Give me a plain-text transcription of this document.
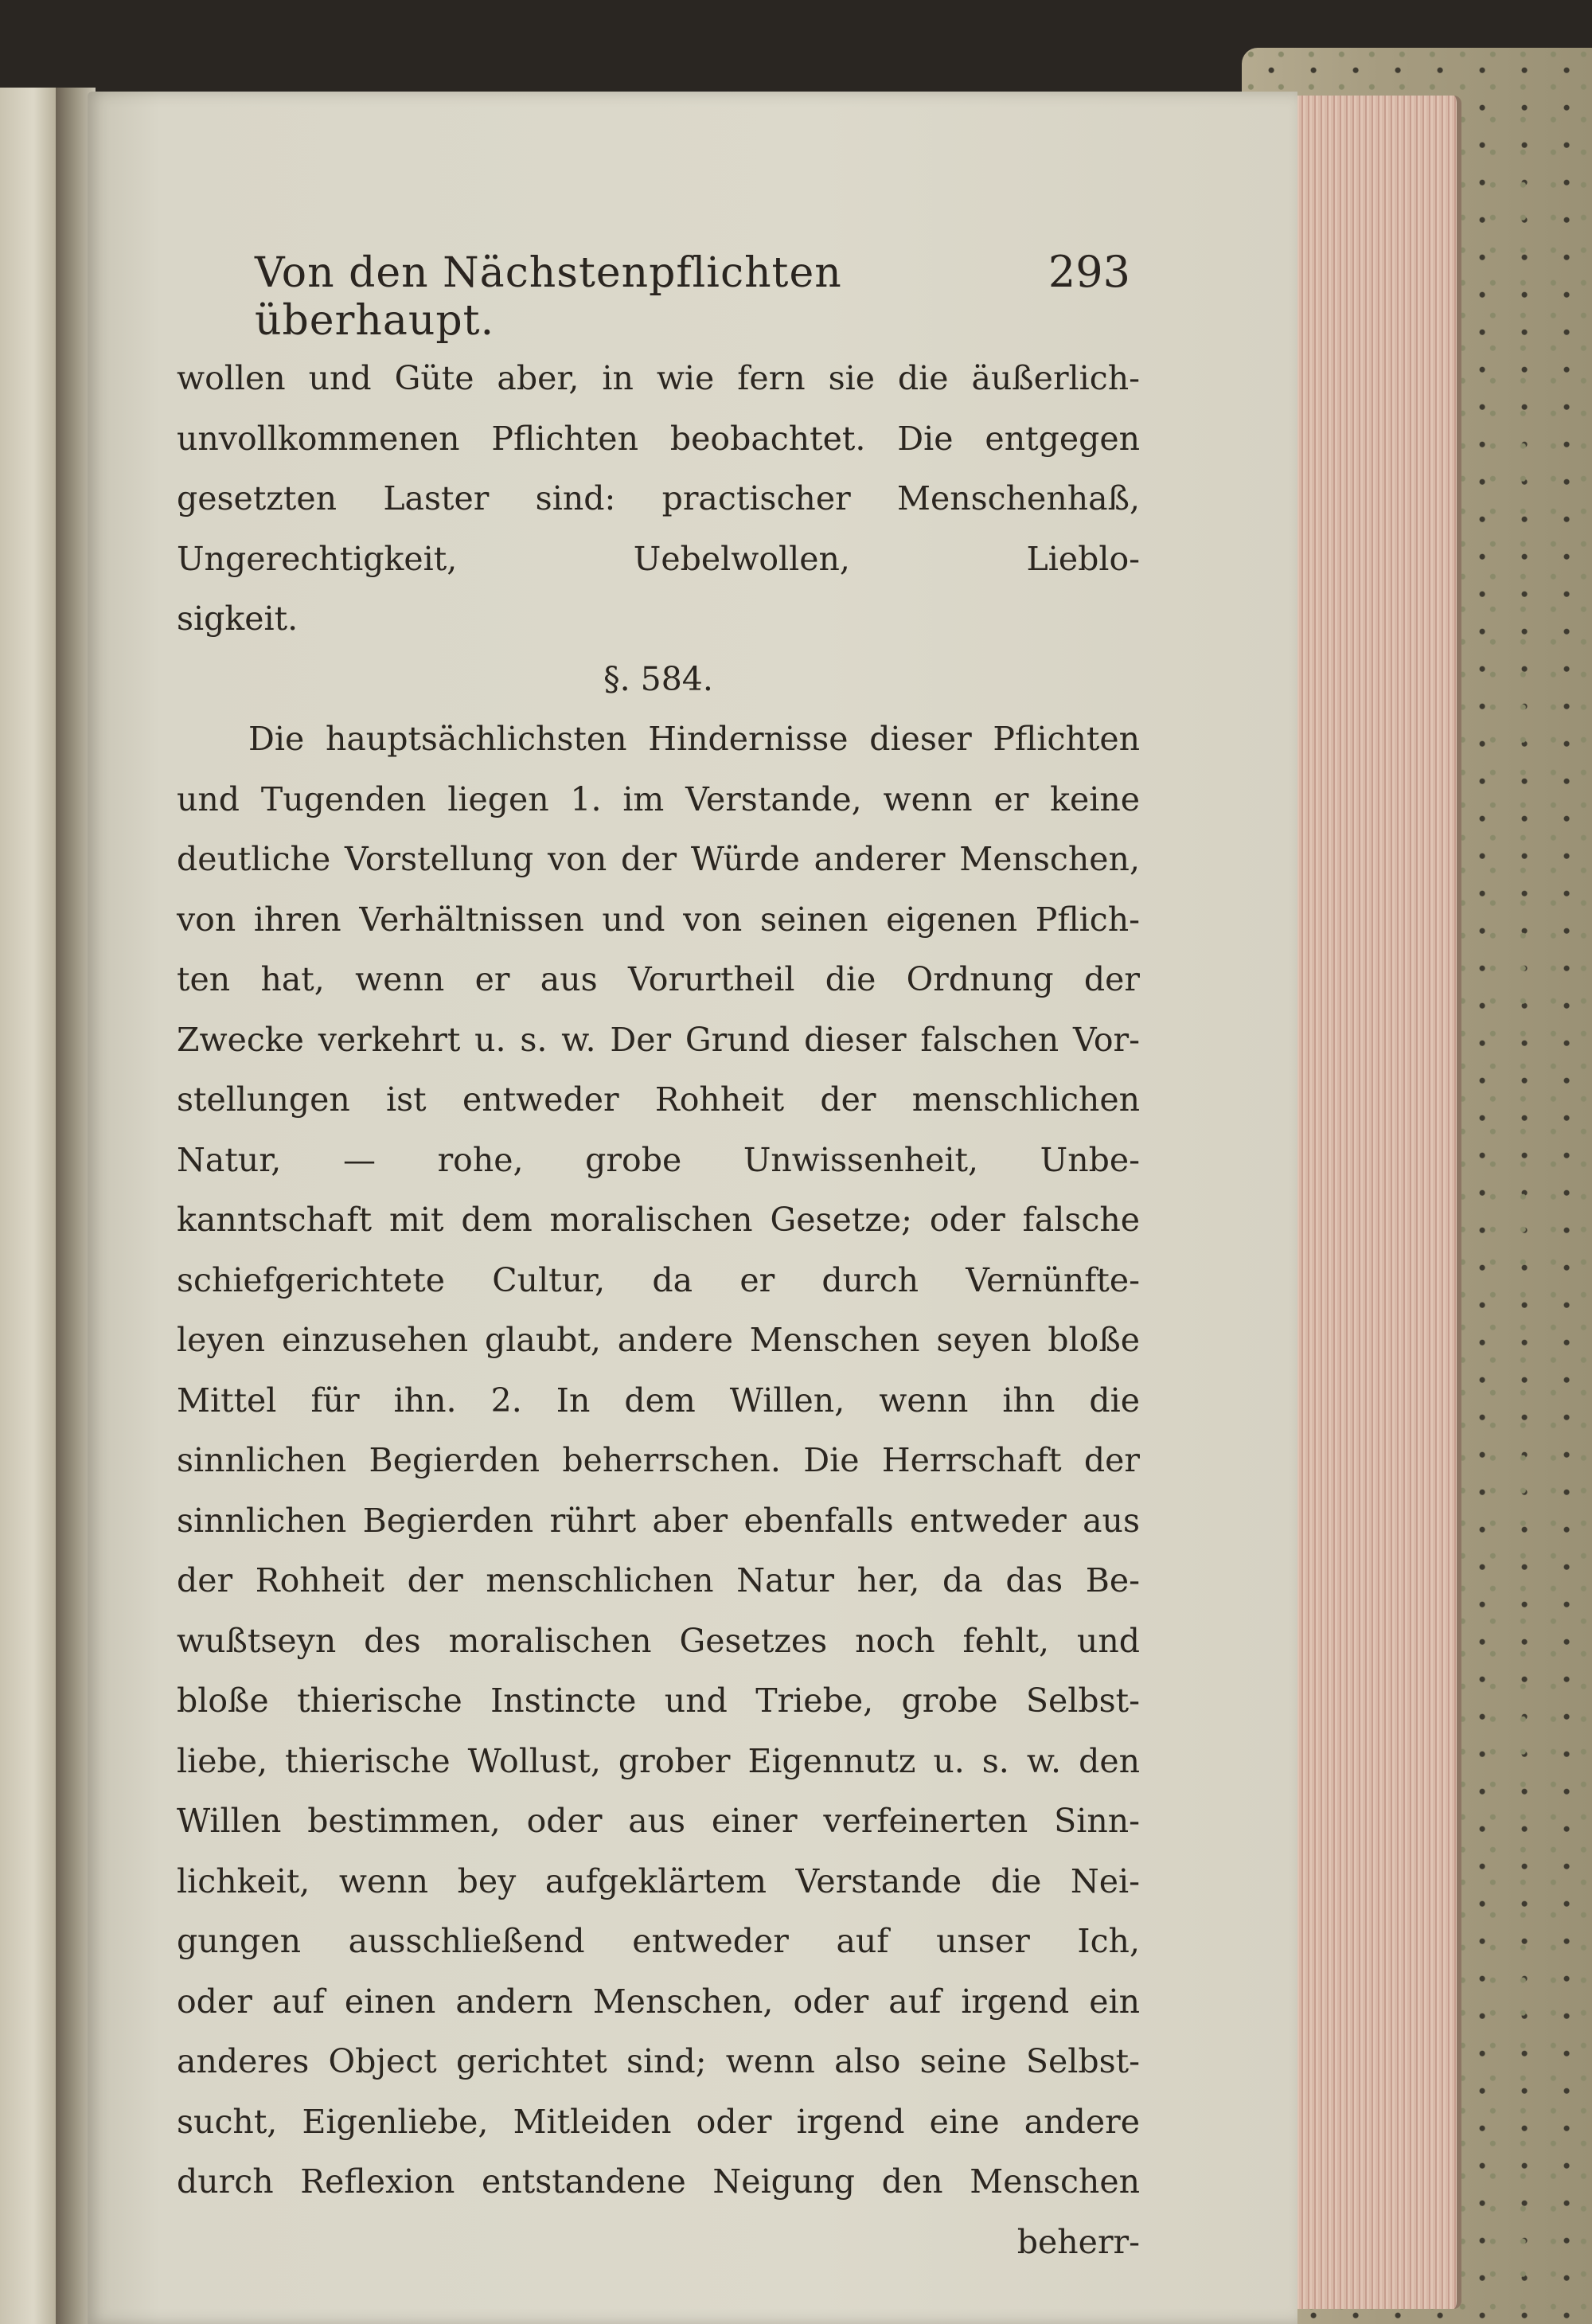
Von den Nächstenpflichten überhaupt.
293
wollen und Güte aber, in wie fern sie die äußerlich-
unvollkommenen Pflichten beobachtet. Die entgegen
gesetzten Laster sind: practischer Menschenhaß,
Ungerechtigkeit, Uebelwollen, Lieblo-
sigkeit.
§. 584.
Die hauptsächlichsten Hindernisse dieser Pflichten
und Tugenden liegen 1. im Verstande, wenn er keine
deutliche Vorstellung von der Würde anderer Menschen,
von ihren Verhältnissen und von seinen eigenen Pflich-
ten hat, wenn er aus Vorurtheil die Ordnung der
Zwecke verkehrt u. s. w. Der Grund dieser falschen Vor-
stellungen ist entweder Rohheit der menschlichen
Natur, — rohe, grobe Unwissenheit, Unbe-
kanntschaft mit dem moralischen Gesetze; oder falsche
schiefgerichtete Cultur, da er durch Vernünfte-
leyen einzusehen glaubt, andere Menschen seyen bloße
Mittel für ihn. 2. In dem Willen, wenn ihn die
sinnlichen Begierden beherrschen. Die Herrschaft der
sinnlichen Begierden rührt aber ebenfalls entweder aus
der Rohheit der menschlichen Natur her, da das Be-
wußtseyn des moralischen Gesetzes noch fehlt, und
bloße thierische Instincte und Triebe, grobe Selbst-
liebe, thierische Wollust, grober Eigennutz u. s. w. den
Willen bestimmen, oder aus einer verfeinerten Sinn-
lichkeit, wenn bey aufgeklärtem Verstande die Nei-
gungen ausschließend entweder auf unser Ich,
oder auf einen andern Menschen, oder auf irgend ein
anderes Object gerichtet sind; wenn also seine Selbst-
sucht, Eigenliebe, Mitleiden oder irgend eine andere
durch Reflexion entstandene Neigung den Menschen
beherr-
